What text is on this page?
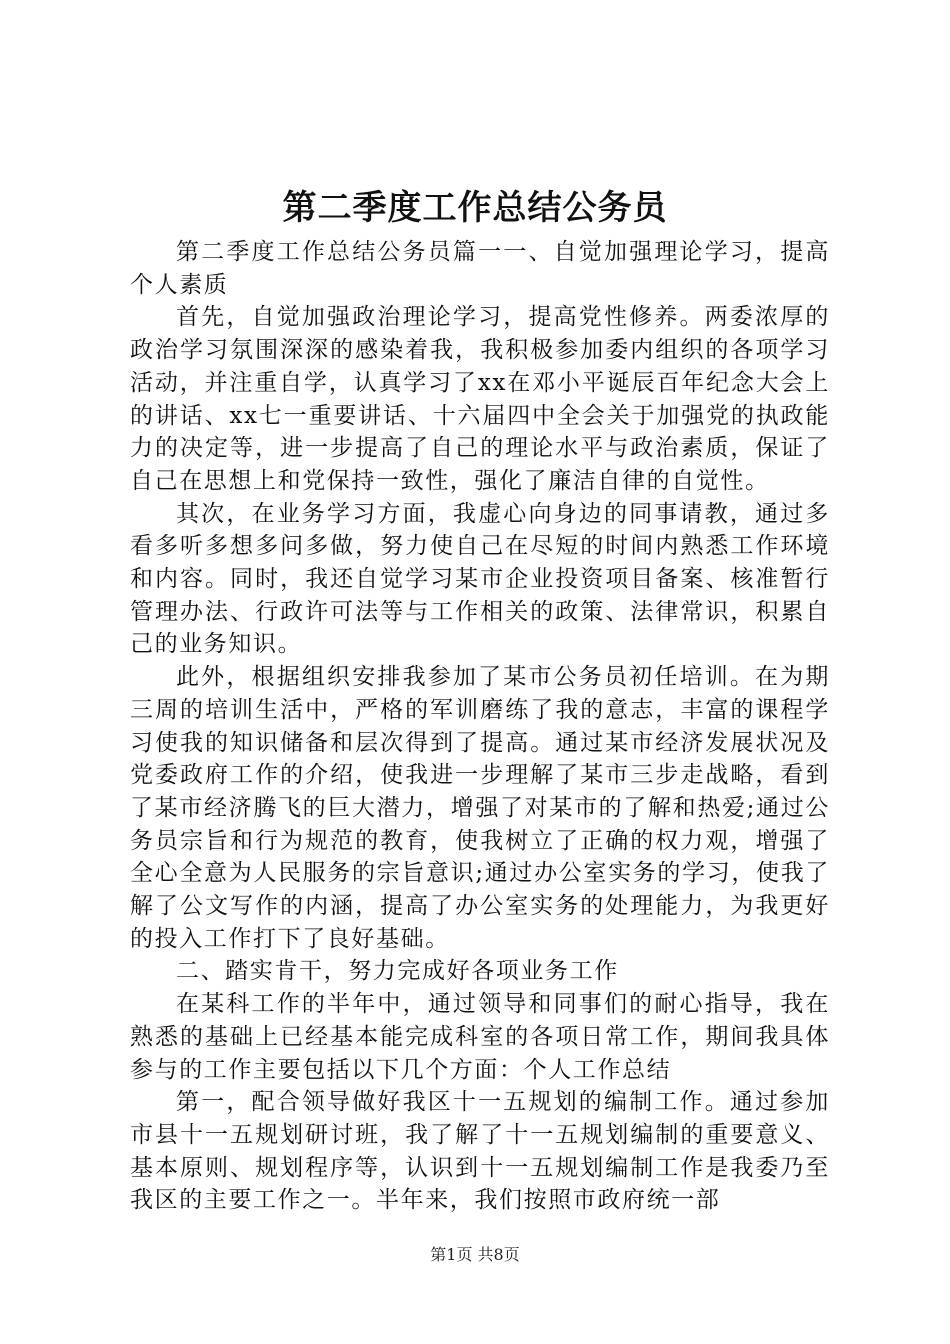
第二季度工作总结公务员

第二季度工作总结公务员篇一一、自觉加强理论学习，提高个人素质

首先，自觉加强政治理论学习，提高党性修养。两委浓厚的政治学习氛围深深的感染着我，我积极参加委内组织的各项学习活动，并注重自学，认真学习了xx在邓小平诞辰百年纪念大会上的讲话、xx七一重要讲话、十六届四中全会关于加强党的执政能力的决定等，进一步提高了自己的理论水平与政治素质，保证了自己在思想上和党保持一致性，强化了廉洁自律的自觉性。

其次，在业务学习方面，我虚心向身边的同事请教，通过多看多听多想多问多做，努力使自己在尽短的时间内熟悉工作环境和内容。同时，我还自觉学习某市企业投资项目备案、核准暂行管理办法、行政许可法等与工作相关的政策、法律常识，积累自己的业务知识。

此外，根据组织安排我参加了某市公务员初任培训。在为期三周的培训生活中，严格的军训磨练了我的意志，丰富的课程学习使我的知识储备和层次得到了提高。通过某市经济发展状况及党委政府工作的介绍，使我进一步理解了某市三步走战略，看到了某市经济腾飞的巨大潜力，增强了对某市的了解和热爱;通过公务员宗旨和行为规范的教育，使我树立了正确的权力观，增强了全心全意为人民服务的宗旨意识;通过办公室实务的学习，使我了解了公文写作的内涵，提高了办公室实务的处理能力，为我更好的投入工作打下了良好基础。

二、踏实肯干，努力完成好各项业务工作

在某科工作的半年中，通过领导和同事们的耐心指导，我在熟悉的基础上已经基本能完成科室的各项日常工作，期间我具体参与的工作主要包括以下几个方面：个人工作总结

第一，配合领导做好我区十一五规划的编制工作。通过参加市县十一五规划研讨班，我了解了十一五规划编制的重要意义、基本原则、规划程序等，认识到十一五规划编制工作是我委乃至我区的主要工作之一。半年来，我们按照市政府统一部

第1页 共8页
